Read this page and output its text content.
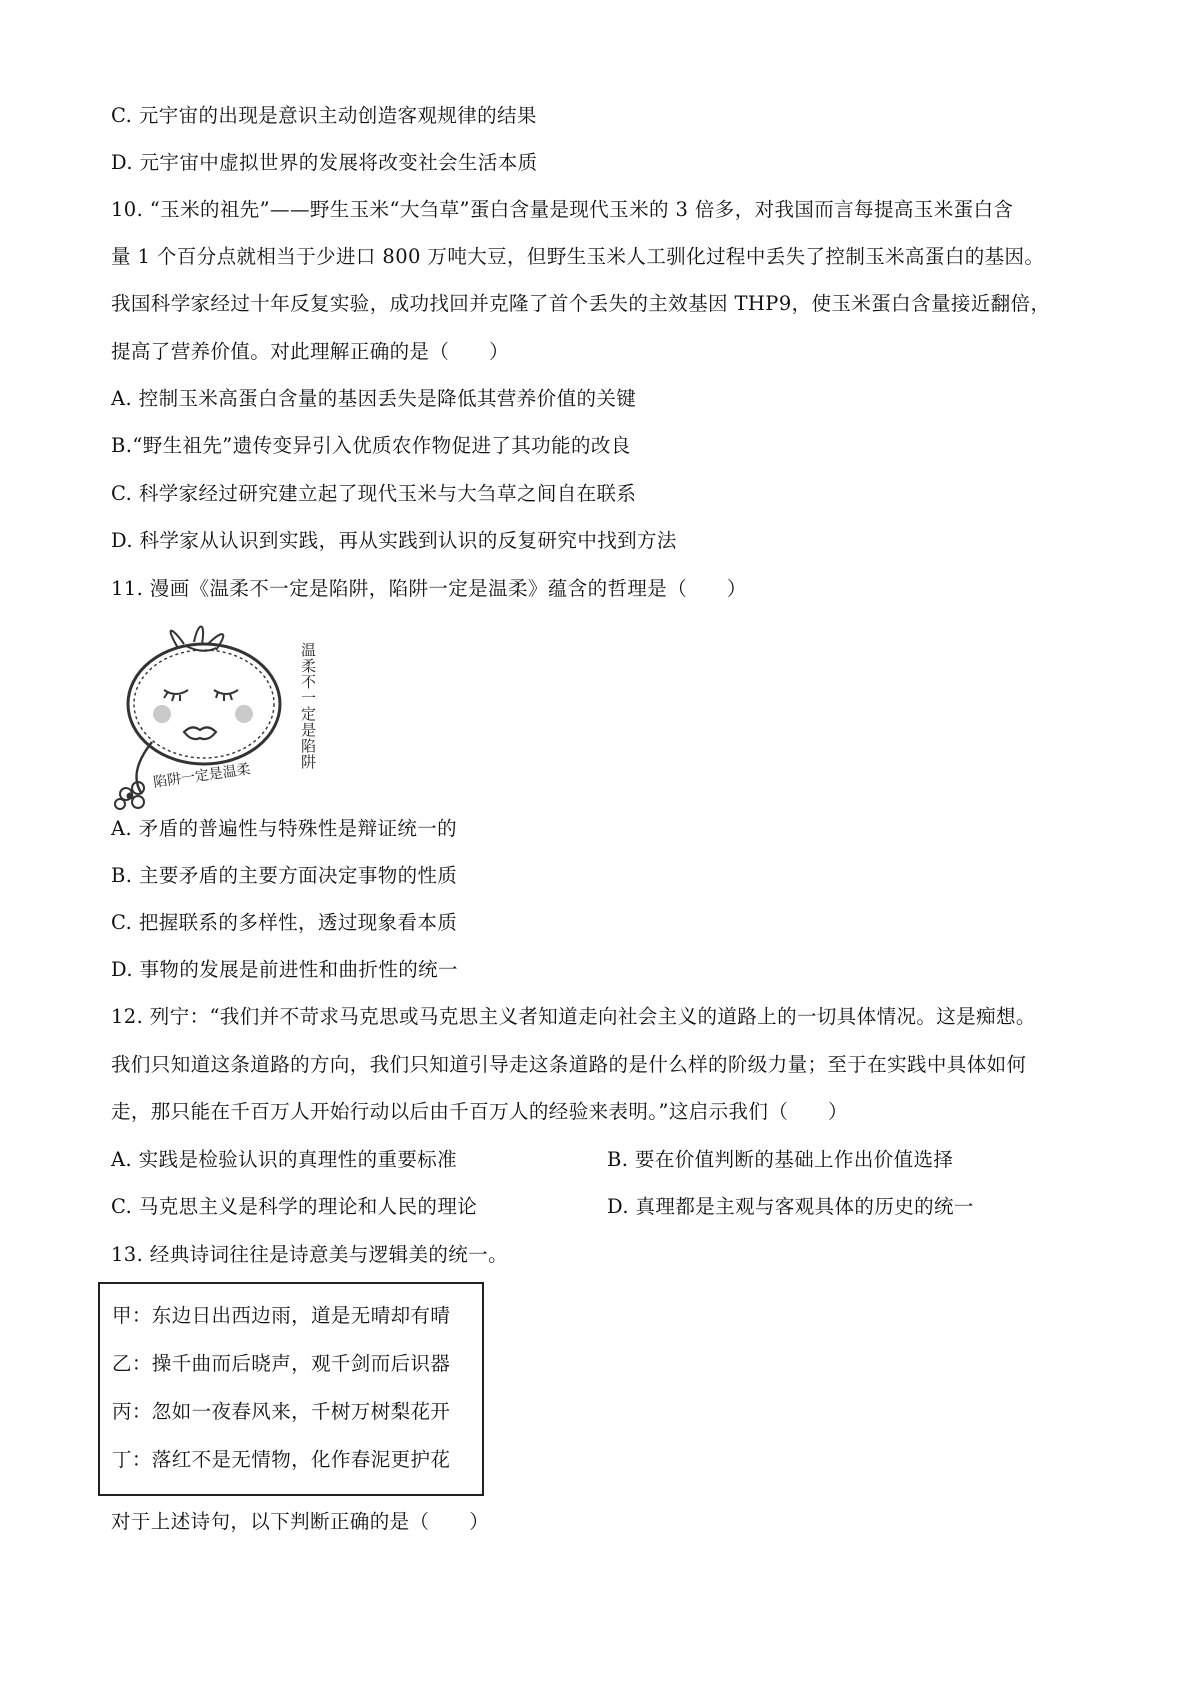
C. 元宇宙的出现是意识主动创造客观规律的结果
D. 元宇宙中虚拟世界的发展将改变社会生活本质
10. “玉米的祖先”——野生玉米“大刍草”蛋白含量是现代玉米的 3 倍多，对我国而言每提高玉米蛋白含
量 1 个百分点就相当于少进口 800 万吨大豆，但野生玉米人工驯化过程中丢失了控制玉米高蛋白的基因。
我国科学家经过十年反复实验，成功找回并克隆了首个丢失的主效基因 THP9，使玉米蛋白含量接近翻倍，
提高了营养价值。对此理解正确的是（　　）
A. 控制玉米高蛋白含量的基因丢失是降低其营养价值的关键
B.“野生祖先”遗传变异引入优质农作物促进了其功能的改良
C. 科学家经过研究建立起了现代玉米与大刍草之间自在联系
D. 科学家从认识到实践，再从实践到认识的反复研究中找到方法
11. 漫画《温柔不一定是陷阱，陷阱一定是温柔》蕴含的哲理是（　　）
温柔不一定是陷阱
陷阱一定是温柔
A. 矛盾的普遍性与特殊性是辩证统一的
B. 主要矛盾的主要方面决定事物的性质
C. 把握联系的多样性，透过现象看本质
D. 事物的发展是前进性和曲折性的统一
12. 列宁：“我们并不苛求马克思或马克思主义者知道走向社会主义的道路上的一切具体情况。这是痴想。
我们只知道这条道路的方向，我们只知道引导走这条道路的是什么样的阶级力量；至于在实践中具体如何
走，那只能在千百万人开始行动以后由千百万人的经验来表明。”这启示我们（　　）
A. 实践是检验认识的真理性的重要标准	B. 要在价值判断的基础上作出价值选择
C. 马克思主义是科学的理论和人民的理论	D. 真理都是主观与客观具体的历史的统一
13. 经典诗词往往是诗意美与逻辑美的统一。
甲：东边日出西边雨，道是无晴却有晴
乙：操千曲而后晓声，观千剑而后识器
丙：忽如一夜春风来，千树万树梨花开
丁：落红不是无情物，化作春泥更护花
对于上述诗句，以下判断正确的是（　　）
